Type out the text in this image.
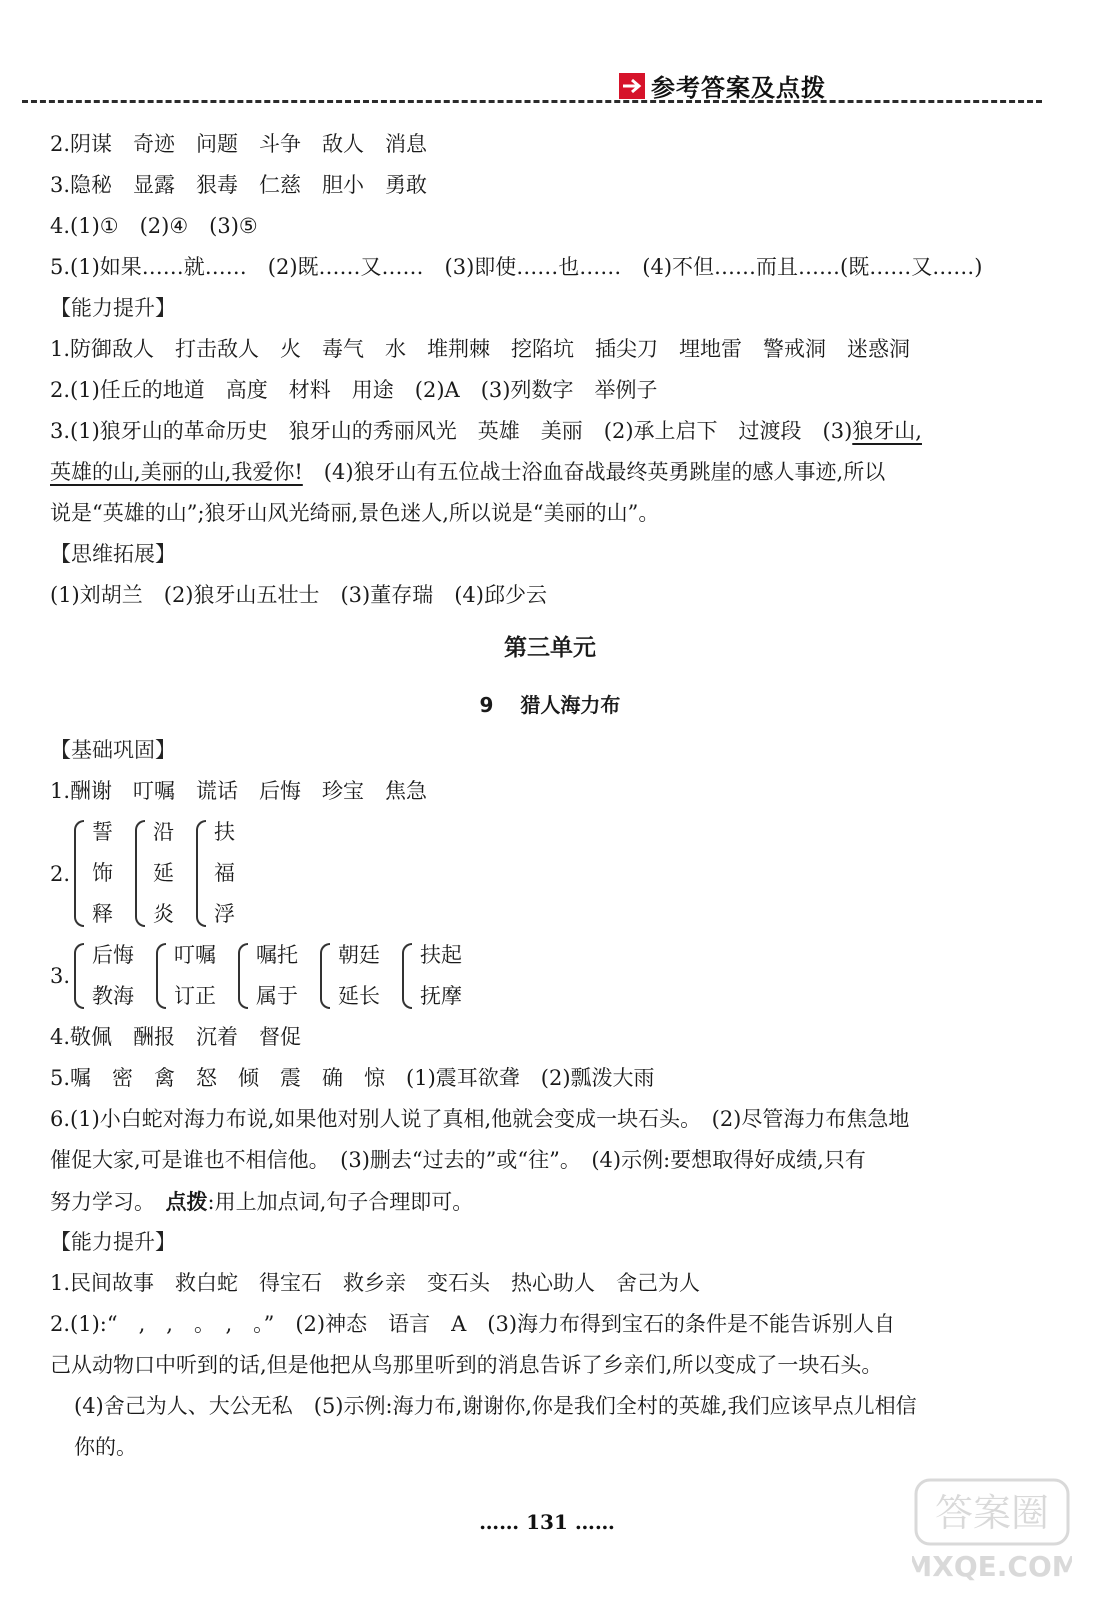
参考答案及点拨
2.阴谋　奇迹　问题　斗争　敌人　消息
3.隐秘　显露　狠毒　仁慈　胆小　勇敢
4.(1)①　(2)④　(3)⑤
5.(1)如果……就……　(2)既……又……　(3)即使……也……　(4)不但……而且……(既……又……)
【能力提升】
1.防御敌人　打击敌人　火　毒气　水　堆荆棘　挖陷坑　插尖刀　埋地雷　警戒洞　迷惑洞
2.(1)任丘的地道　高度　材料　用途　(2)A　(3)列数字　举例子
3.(1)狼牙山的革命历史　狼牙山的秀丽风光　英雄　美丽　(2)承上启下　过渡段　(3)狼牙山,
英雄的山,美丽的山,我爱你!　(4)狼牙山有五位战士浴血奋战最终英勇跳崖的感人事迹,所以
说是“英雄的山”;狼牙山风光绮丽,景色迷人,所以说是“美丽的山”。
【思维拓展】
(1)刘胡兰　(2)狼牙山五壮士　(3)董存瑞　(4)邱少云
第三单元
9　 猎人海力布
【基础巩固】
1.酬谢　叮嘱　谎话　后悔　珍宝　焦急
2.
誓
饰
释
沿
延
炎
扶
福
浮
3.
后悔
教海
叮嘱
订正
嘱托
属于
朝廷
延长
扶起
抚摩
4.敬佩　酬报　沉着　督促
5.嘱　密　禽　怒　倾　震　确　惊　(1)震耳欲聋　(2)瓢泼大雨
6.(1)小白蛇对海力布说,如果他对别人说了真相,他就会变成一块石头。　(2)尽管海力布焦急地
催促大家,可是谁也不相信他。　(3)删去“过去的”或“往”。　(4)示例:要想取得好成绩,只有
努力学习。　点拨:用上加点词,句子合理即可。
【能力提升】
1.民间故事　救白蛇　得宝石　救乡亲　变石头　热心助人　舍己为人
2.(1):“　,　,　。　,　。”　(2)神态　语言　A　(3)海力布得到宝石的条件是不能告诉别人自
己从动物口中听到的话,但是他把从鸟那里听到的消息告诉了乡亲们,所以变成了一块石头。
(4)舍己为人、大公无私　(5)示例:海力布,谢谢你,你是我们全村的英雄,我们应该早点儿相信
你的。
…… 131 ……	答案圈
MXQE.COM
